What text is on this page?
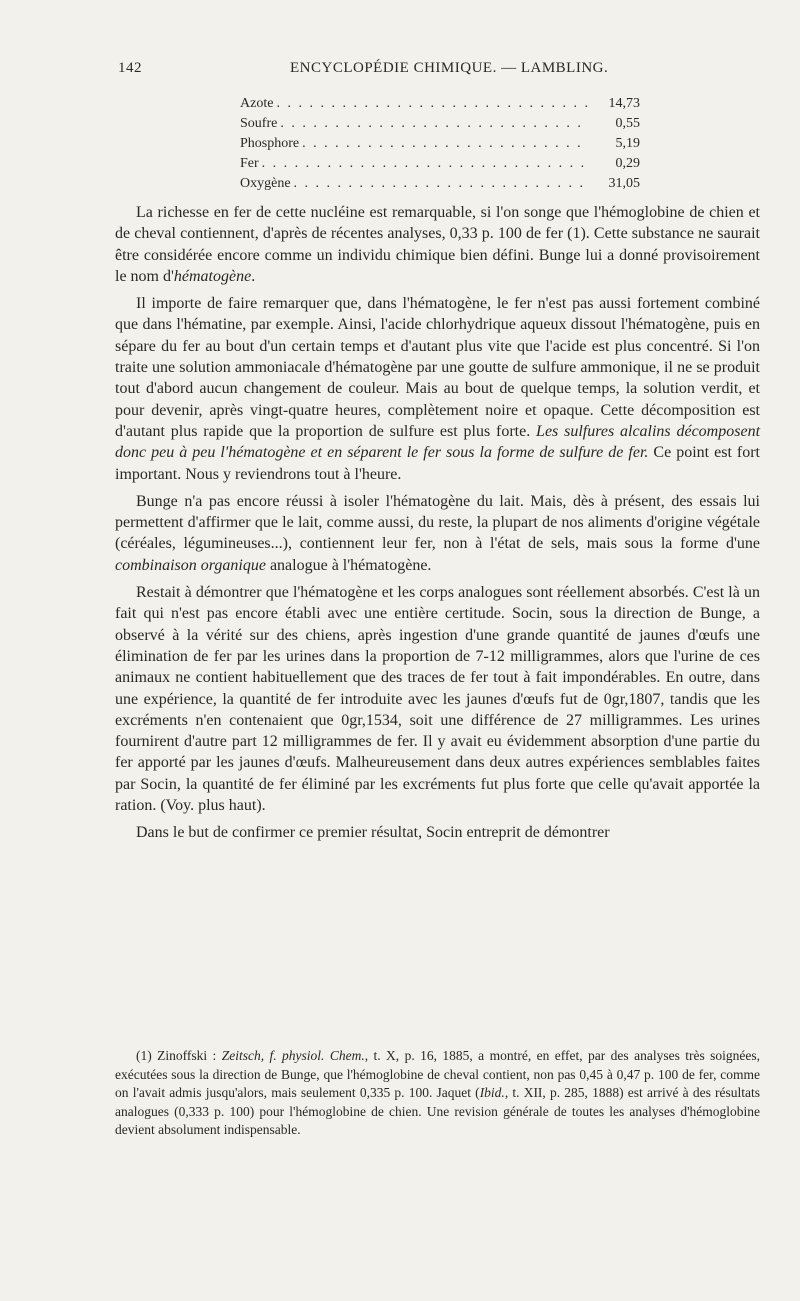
142	ENCYCLOPÉDIE CHIMIQUE. — LAMBLING.
Azote . . .	14,73
Soufre . . .	0,55
Phosphore . . .	5,19
Fer . . .	0,29
Oxygène . . .	31,05

La richesse en fer de cette nucléine est remarquable, si l'on songe que l'hémoglobine de chien et de cheval contiennent, d'après de récentes analyses, 0,33 p. 100 de fer (1). Cette substance ne saurait être considérée encore comme un individu chimique bien défini. Bunge lui a donné provisoirement le nom d'hématogène.

Il importe de faire remarquer que, dans l'hématogène, le fer n'est pas aussi fortement combiné que dans l'hématine, par exemple. Ainsi, l'acide chlorhydrique aqueux dissout l'hématogène, puis en sépare du fer au bout d'un certain temps et d'autant plus vite que l'acide est plus concentré. Si l'on traite une solution ammoniacale d'hématogène par une goutte de sulfure ammonique, il ne se produit tout d'abord aucun changement de couleur. Mais au bout de quelque temps, la solution verdit, et pour devenir, après vingt-quatre heures, complètement noire et opaque. Cette décomposition est d'autant plus rapide que la proportion de sulfure est plus forte. Les sulfures alcalins décomposent donc peu à peu l'hématogène et en séparent le fer sous la forme de sulfure de fer. Ce point est fort important. Nous y reviendrons tout à l'heure.

Bunge n'a pas encore réussi à isoler l'hématogène du lait. Mais, dès à présent, des essais lui permettent d'affirmer que le lait, comme aussi, du reste, la plupart de nos aliments d'origine végétale (céréales, légumineuses...), contiennent leur fer, non à l'état de sels, mais sous la forme d'une combinaison organique analogue à l'hématogène.

Restait à démontrer que l'hématogène et les corps analogues sont réellement absorbés. C'est là un fait qui n'est pas encore établi avec une entière certitude. Socin, sous la direction de Bunge, a observé à la vérité sur des chiens, après ingestion d'une grande quantité de jaunes d'œufs une élimination de fer par les urines dans la proportion de 7-12 milligrammes, alors que l'urine de ces animaux ne contient habituellement que des traces de fer tout à fait impondérables. En outre, dans une expérience, la quantité de fer introduite avec les jaunes d'œufs fut de 0gr,1807, tandis que les excréments n'en contenaient que 0gr,1534, soit une différence de 27 milligrammes. Les urines fournirent d'autre part 12 milligrammes de fer. Il y avait eu évidemment absorption d'une partie du fer apporté par les jaunes d'œufs. Malheureusement dans deux autres expériences semblables faites par Socin, la quantité de fer éliminé par les excréments fut plus forte que celle qu'avait apportée la ration. (Voy. plus haut).

Dans le but de confirmer ce premier résultat, Socin entreprit de démontrer

(1) Zinoffski : Zeitsch, f. physiol. Chem., t. X, p. 16, 1885, a montré, en effet, par des analyses très soignées, exécutées sous la direction de Bunge, que l'hémoglobine de cheval contient, non pas 0,45 à 0,47 p. 100 de fer, comme on l'avait admis jusqu'alors, mais seulement 0,335 p. 100. Jaquet (Ibid., t. XII, p. 285, 1888) est arrivé à des résultats analogues (0,333 p. 100) pour l'hémoglobine de chien. Une revision générale de toutes les analyses d'hémoglobine devient absolument indispensable.
